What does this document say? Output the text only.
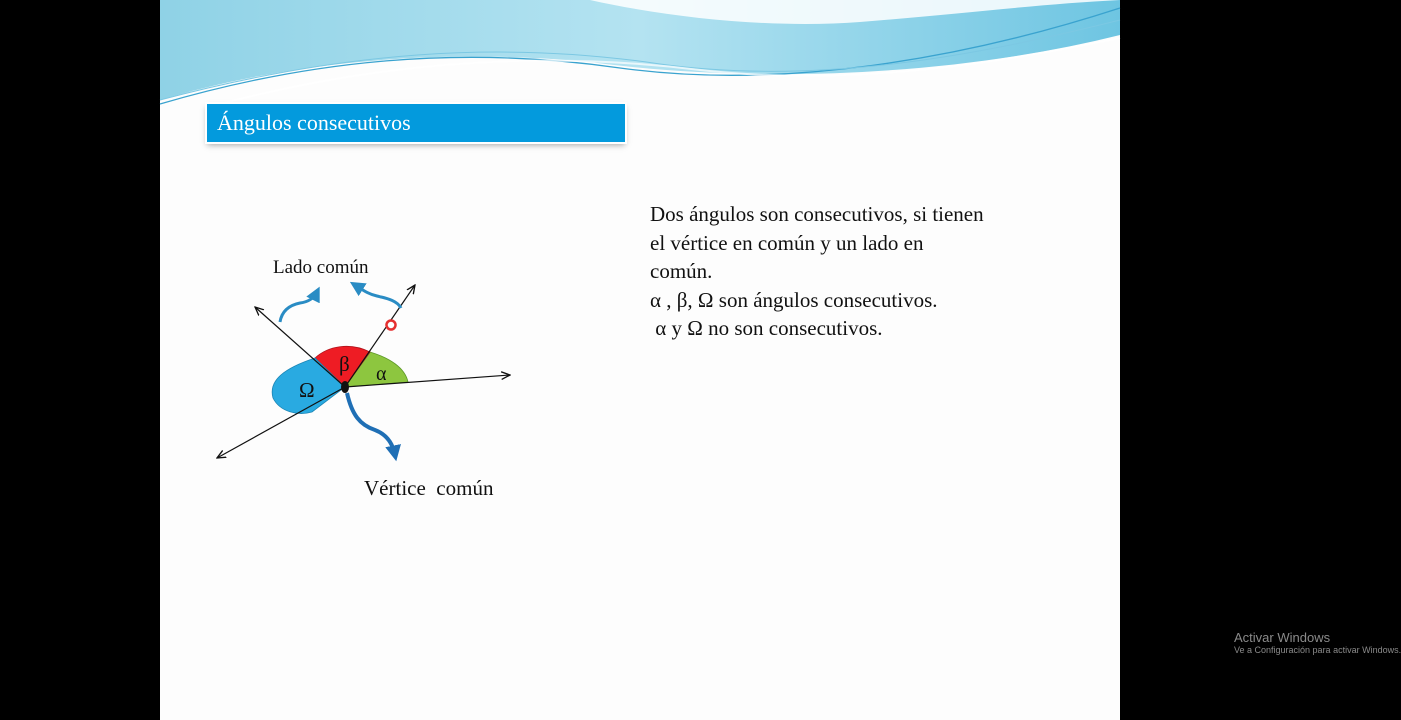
Ángulos consecutivos
Lado común
Vértice  común
α
β
Ω
Dos ángulos son consecutivos, si tienen
el vértice en común y un lado en
común.
α , β, Ω son ángulos consecutivos.
α y Ω no son consecutivos.
Activar Windows
Ve a Configuración para activar Windows.
